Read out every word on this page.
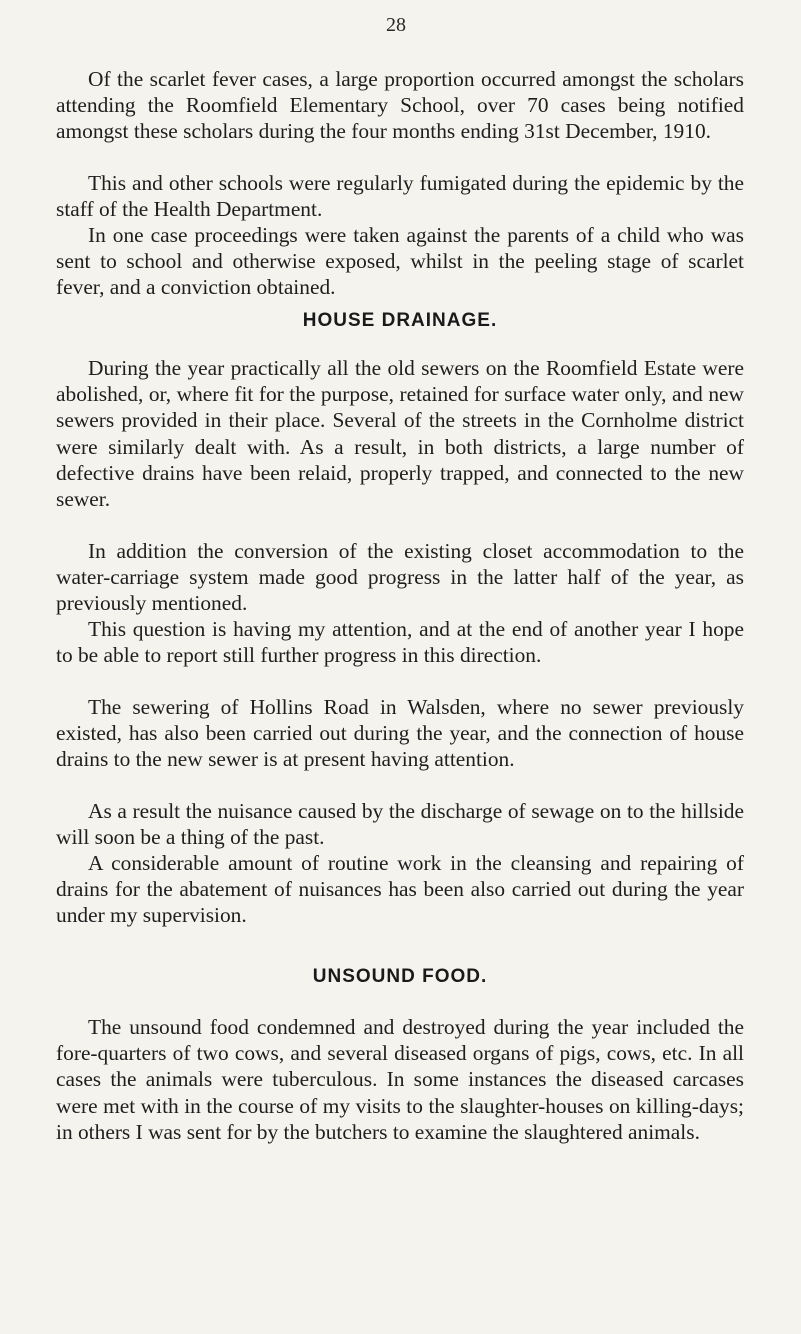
28

Of the scarlet fever cases, a large proportion occurred amongst the scholars attending the Roomfield Elementary School, over 70 cases being notified amongst these scholars during the four months ending 31st December, 1910.

This and other schools were regularly fumigated during the epidemic by the staff of the Health Department.

In one case proceedings were taken against the parents of a child who was sent to school and otherwise exposed, whilst in the peeling stage of scarlet fever, and a conviction obtained.

HOUSE DRAINAGE.

During the year practically all the old sewers on the Roomfield Estate were abolished, or, where fit for the purpose, retained for surface water only, and new sewers provided in their place. Several of the streets in the Cornholme district were similarly dealt with. As a result, in both districts, a large number of defective drains have been relaid, properly trapped, and connected to the new sewer.

In addition the conversion of the existing closet accommodation to the water-carriage system made good progress in the latter half of the year, as previously mentioned.

This question is having my attention, and at the end of another year I hope to be able to report still further progress in this direction.

The sewering of Hollins Road in Walsden, where no sewer previously existed, has also been carried out during the year, and the connection of house drains to the new sewer is at present having attention.

As a result the nuisance caused by the discharge of sewage on to the hillside will soon be a thing of the past.

A considerable amount of routine work in the cleansing and repairing of drains for the abatement of nuisances has been also carried out during the year under my supervision.

UNSOUND FOOD.

The unsound food condemned and destroyed during the year included the fore-quarters of two cows, and several diseased organs of pigs, cows, etc. In all cases the animals were tuberculous. In some instances the diseased carcases were met with in the course of my visits to the slaughter-houses on killing-days; in others I was sent for by the butchers to examine the slaughtered animals.
